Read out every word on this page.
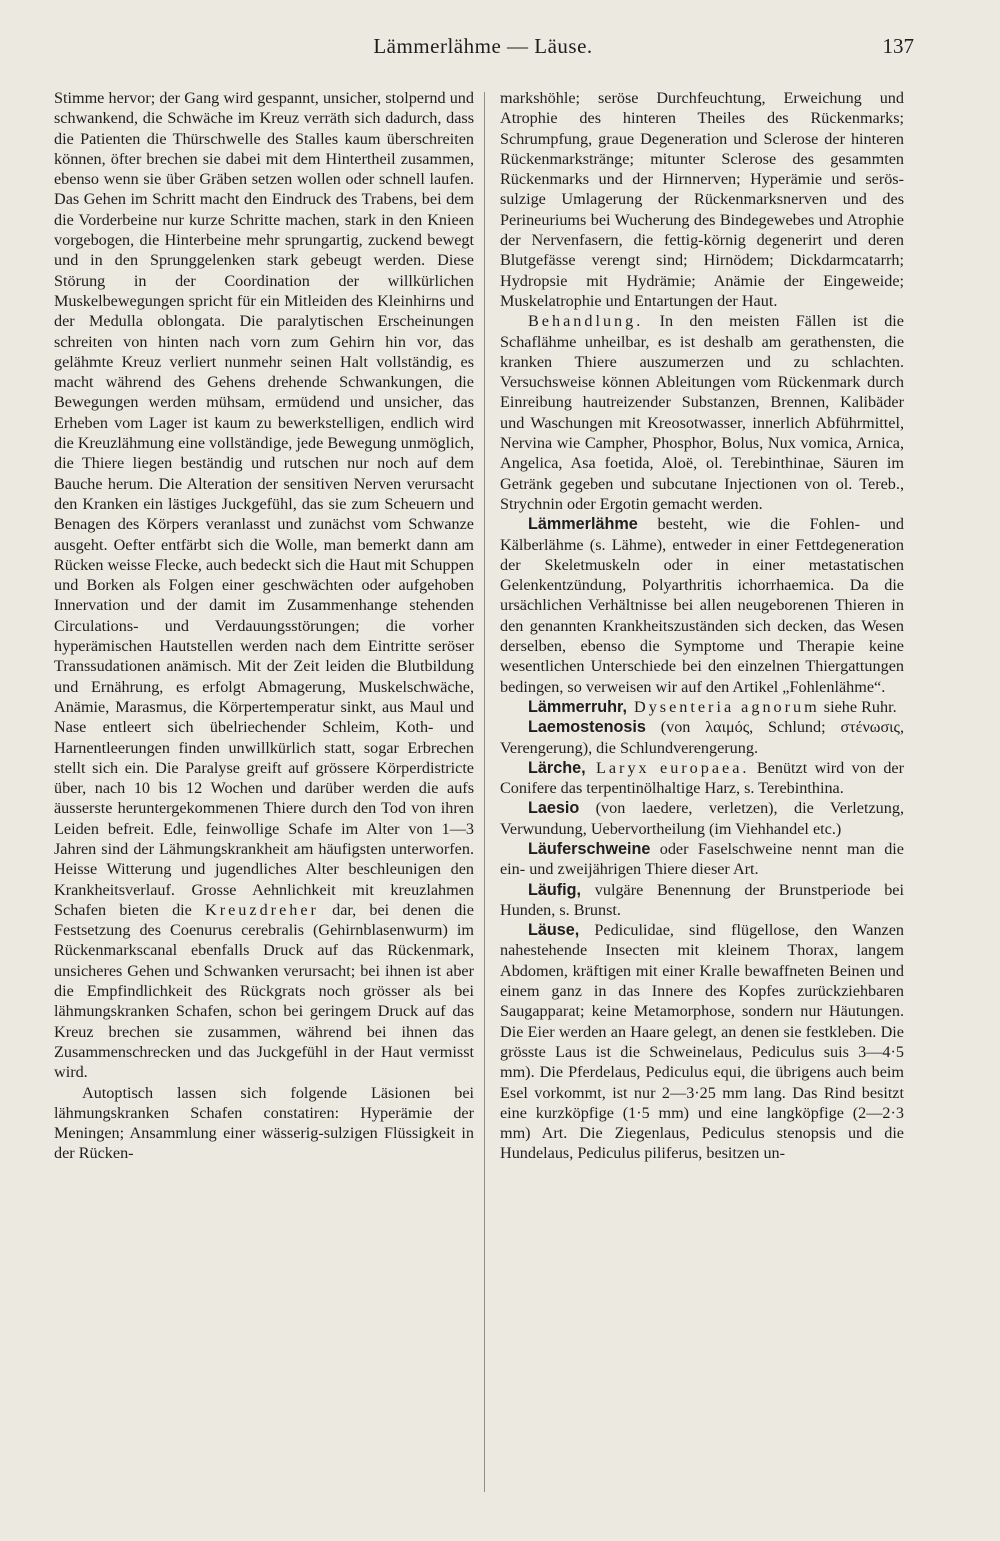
Lämmerlähme — Läuse.	137

Stimme hervor; der Gang wird gespannt, unsicher, stolpernd und schwankend, die Schwäche im Kreuz verräth sich dadurch, dass die Patienten die Thürschwelle des Stalles kaum überschreiten können, öfter brechen sie dabei mit dem Hintertheil zusammen, ebenso wenn sie über Gräben setzen wollen oder schnell laufen. Das Gehen im Schritt macht den Eindruck des Trabens, bei dem die Vorderbeine nur kurze Schritte machen, stark in den Knieen vorgebogen, die Hinterbeine mehr sprungartig, zuckend bewegt und in den Sprunggelenken stark gebeugt werden. Diese Störung in der Coordination der willkürlichen Muskelbewegungen spricht für ein Mitleiden des Kleinhirns und der Medulla oblongata. Die paralytischen Erscheinungen schreiten von hinten nach vorn zum Gehirn hin vor, das gelähmte Kreuz verliert nunmehr seinen Halt vollständig, es macht während des Gehens drehende Schwankungen, die Bewegungen werden mühsam, ermüdend und unsicher, das Erheben vom Lager ist kaum zu bewerkstelligen, endlich wird die Kreuzlähmung eine vollständige, jede Bewegung unmöglich, die Thiere liegen beständig und rutschen nur noch auf dem Bauche herum. Die Alteration der sensitiven Nerven verursacht den Kranken ein lästiges Juckgefühl, das sie zum Scheuern und Benagen des Körpers veranlasst und zunächst vom Schwanze ausgeht. Oefter entfärbt sich die Wolle, man bemerkt dann am Rücken weisse Flecke, auch bedeckt sich die Haut mit Schuppen und Borken als Folgen einer geschwächten oder aufgehoben Innervation und der damit im Zusammenhange stehenden Circulations- und Verdauungsstörungen; die vorher hyperämischen Hautstellen werden nach dem Eintritte seröser Transsudationen anämisch. Mit der Zeit leiden die Blutbildung und Ernährung, es erfolgt Abmagerung, Muskelschwäche, Anämie, Marasmus, die Körpertemperatur sinkt, aus Maul und Nase entleert sich übelriechender Schleim, Koth- und Harnentleerungen finden unwillkürlich statt, sogar Erbrechen stellt sich ein. Die Paralyse greift auf grössere Körperdistricte über, nach 10 bis 12 Wochen und darüber werden die aufs äusserste heruntergekommenen Thiere durch den Tod von ihren Leiden befreit. Edle, feinwollige Schafe im Alter von 1—3 Jahren sind der Lähmungskrankheit am häufigsten unterworfen. Heisse Witterung und jugendliches Alter beschleunigen den Krankheitsverlauf. Grosse Aehnlichkeit mit kreuzlahmen Schafen bieten die Kreuzdreher dar, bei denen die Festsetzung des Coenurus cerebralis (Gehirnblasenwurm) im Rückenmarkscanal ebenfalls Druck auf das Rückenmark, unsicheres Gehen und Schwanken verursacht; bei ihnen ist aber die Empfindlichkeit des Rückgrats noch grösser als bei lähmungskranken Schafen, schon bei geringem Druck auf das Kreuz brechen sie zusammen, während bei ihnen das Zusammenschrecken und das Juckgefühl in der Haut vermisst wird.

Autoptisch lassen sich folgende Läsionen bei lähmungskranken Schafen constatiren: Hyperämie der Meningen; Ansammlung einer wässerig-sulzigen Flüssigkeit in der Rücken-

markshöhle; seröse Durchfeuchtung, Erweichung und Atrophie des hinteren Theiles des Rückenmarks; Schrumpfung, graue Degeneration und Sclerose der hinteren Rückenmarkstränge; mitunter Sclerose des gesammten Rückenmarks und der Hirnnerven; Hyperämie und serös-sulzige Umlagerung der Rückenmarksnerven und des Perineuriums bei Wucherung des Bindegewebes und Atrophie der Nervenfasern, die fettig-körnig degenerirt und deren Blutgefässe verengt sind; Hirnödem; Dickdarmcatarrh; Hydropsie mit Hydrämie; Anämie der Eingeweide; Muskelatrophie und Entartungen der Haut.

Behandlung. In den meisten Fällen ist die Schaflähme unheilbar, es ist deshalb am gerathensten, die kranken Thiere auszumerzen und zu schlachten. Versuchsweise können Ableitungen vom Rückenmark durch Einreibung hautreizender Substanzen, Brennen, Kalibäder und Waschungen mit Kreosotwasser, innerlich Abführmittel, Nervina wie Campher, Phosphor, Bolus, Nux vomica, Arnica, Angelica, Asa foetida, Aloë, ol. Terebinthinae, Säuren im Getränk gegeben und subcutane Injectionen von ol. Tereb., Strychnin oder Ergotin gemacht werden.

Lämmerlähme besteht, wie die Fohlen- und Kälberlähme (s. Lähme), entweder in einer Fettdegeneration der Skeletmuskeln oder in einer metastatischen Gelenkentzündung, Polyarthritis ichorrhaemica. Da die ursächlichen Verhältnisse bei allen neugeborenen Thieren in den genannten Krankheitszuständen sich decken, das Wesen derselben, ebenso die Symptome und Therapie keine wesentlichen Unterschiede bei den einzelnen Thiergattungen bedingen, so verweisen wir auf den Artikel „Fohlenlähme“.

Lämmerruhr, Dysenteria agnorum siehe Ruhr.

Laemostenosis (von λαιμός, Schlund; στένωσις, Verengerung), die Schlundverengerung.

Lärche, Laryx europaea. Benützt wird von der Conifere das terpentinölhaltige Harz, s. Terebinthina.

Laesio (von laedere, verletzen), die Verletzung, Verwundung, Uebervortheilung (im Viehhandel etc.)

Läuferschweine oder Faselschweine nennt man die ein- und zweijährigen Thiere dieser Art.

Läufig, vulgäre Benennung der Brunstperiode bei Hunden, s. Brunst.

Läuse, Pediculidae, sind flügellose, den Wanzen nahestehende Insecten mit kleinem Thorax, langem Abdomen, kräftigen mit einer Kralle bewaffneten Beinen und einem ganz in das Innere des Kopfes zurückziehbaren Saugapparat; keine Metamorphose, sondern nur Häutungen. Die Eier werden an Haare gelegt, an denen sie festkleben. Die grösste Laus ist die Schweinelaus, Pediculus suis 3—4·5 mm). Die Pferdelaus, Pediculus equi, die übrigens auch beim Esel vorkommt, ist nur 2—3·25 mm lang. Das Rind besitzt eine kurzköpfige (1·5 mm) und eine langköpfige (2—2·3 mm) Art. Die Ziegenlaus, Pediculus stenopsis und die Hundelaus, Pediculus piliferus, besitzen un-
